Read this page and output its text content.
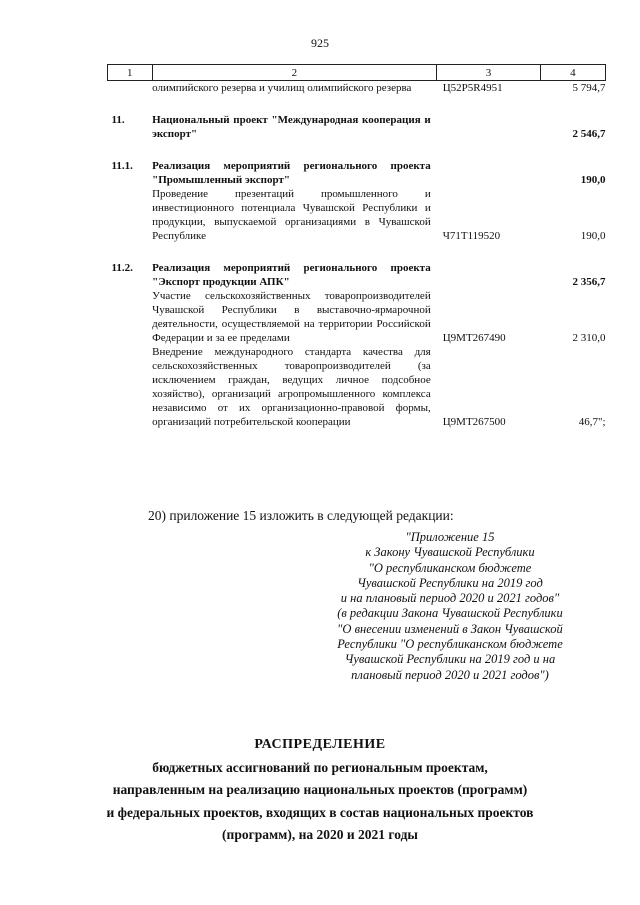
925
1	2	3	4
	олимпийского резерва и училищ олимпийского резерва	Ц52P5R4951	5 794,7

11.	Национальный проект "Международная кооперация и экспорт"		2 546,7

11.1.	Реализация мероприятий регионального проекта "Промышленный экспорт"		190,0
	Проведение презентаций промышленного и инвестиционного потенциала Чувашской Республики и продукции, выпускаемой организациями в Чувашской Республике	Ч71Т119520	190,0

11.2.	Реализация мероприятий регионального проекта "Экспорт продукции АПК"		2 356,7
	Участие сельскохозяйственных товаропроизводителей Чувашской Республики в выставочно-ярмарочной деятельности, осуществляемой на территории Российской Федерации и за ее пределами	Ц9МТ267490	2 310,0
	Внедрение международного стандарта качества для сельскохозяйственных товаропроизводителей (за исключением граждан, ведущих личное подсобное хозяйство), организаций агропромышленного комплекса независимо от их организационно-правовой формы, организаций потребительской кооперации	Ц9МТ267500	46,7";
20) приложение 15 изложить в следующей редакции:
"Приложение 15
к Закону Чувашской Республики
"О республиканском бюджете
Чувашской Республики на 2019 год
и на плановый период 2020 и 2021 годов"
(в редакции Закона Чувашской Республики
"О внесении изменений в Закон Чувашской
Республики "О республиканском бюджете
Чувашской Республики на 2019 год и на
плановый период 2020 и 2021 годов")
РАСПРЕДЕЛЕНИЕ
бюджетных ассигнований по региональным проектам,
направленным на реализацию национальных проектов (программ)
и федеральных проектов, входящих в состав национальных проектов
(программ), на 2020 и 2021 годы
